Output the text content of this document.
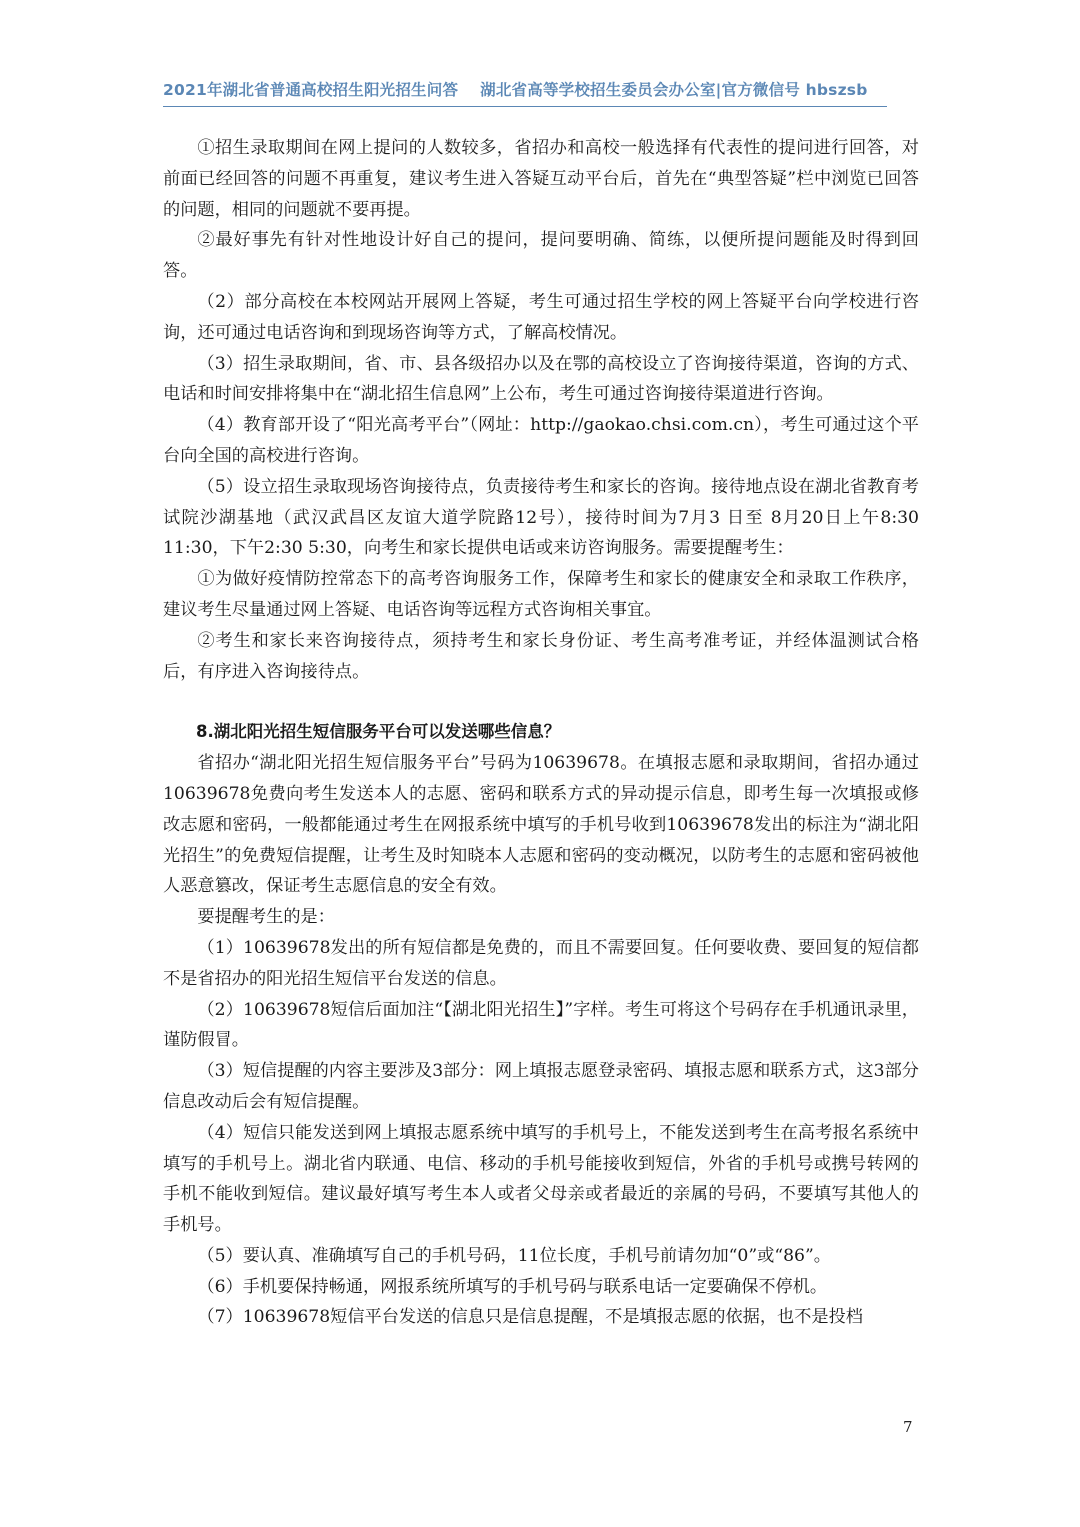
2021年湖北省普通高校招生阳光招生问答 湖北省高等学校招生委员会办公室|官方微信号 hbszsb

①招生录取期间在网上提问的人数较多，省招办和高校一般选择有代表性的提问进行回答，对前面已经回答的问题不再重复，建议考生进入答疑互动平台后，首先在“典型答疑”栏中浏览已回答的问题，相同的问题就不要再提。

②最好事先有针对性地设计好自己的提问，提问要明确、简练，以便所提问题能及时得到回答。

（2）部分高校在本校网站开展网上答疑，考生可通过招生学校的网上答疑平台向学校进行咨询，还可通过电话咨询和到现场咨询等方式，了解高校情况。

（3）招生录取期间，省、市、县各级招办以及在鄂的高校设立了咨询接待渠道，咨询的方式、电话和时间安排将集中在“湖北招生信息网”上公布，考生可通过咨询接待渠道进行咨询。

（4）教育部开设了“阳光高考平台”（网址：http://gaokao.chsi.com.cn），考生可通过这个平台向全国的高校进行咨询。

（5）设立招生录取现场咨询接待点，负责接待考生和家长的咨询。接待地点设在湖北省教育考试院沙湖基地（武汉武昌区友谊大道学院路12号），接待时间为7月3 日至 8月20日上午8:30 11:30，下午2:30 5:30，向考生和家长提供电话或来访咨询服务。需要提醒考生：

①为做好疫情防控常态下的高考咨询服务工作，保障考生和家长的健康安全和录取工作秩序，建议考生尽量通过网上答疑、电话咨询等远程方式咨询相关事宜。

②考生和家长来咨询接待点，须持考生和家长身份证、考生高考准考证，并经体温测试合格后，有序进入咨询接待点。

8.湖北阳光招生短信服务平台可以发送哪些信息？

省招办“湖北阳光招生短信服务平台”号码为10639678。在填报志愿和录取期间，省招办通过10639678免费向考生发送本人的志愿、密码和联系方式的异动提示信息，即考生每一次填报或修改志愿和密码，一般都能通过考生在网报系统中填写的手机号收到10639678发出的标注为“湖北阳光招生”的免费短信提醒，让考生及时知晓本人志愿和密码的变动概况，以防考生的志愿和密码被他人恶意篡改，保证考生志愿信息的安全有效。

要提醒考生的是：

（1）10639678发出的所有短信都是免费的，而且不需要回复。任何要收费、要回复的短信都不是省招办的阳光招生短信平台发送的信息。

（2）10639678短信后面加注“【湖北阳光招生】”字样。考生可将这个号码存在手机通讯录里，谨防假冒。

（3）短信提醒的内容主要涉及3部分：网上填报志愿登录密码、填报志愿和联系方式，这3部分信息改动后会有短信提醒。

（4）短信只能发送到网上填报志愿系统中填写的手机号上，不能发送到考生在高考报名系统中填写的手机号上。湖北省内联通、电信、移动的手机号能接收到短信，外省的手机号或携号转网的手机不能收到短信。建议最好填写考生本人或者父母亲或者最近的亲属的号码，不要填写其他人的手机号。

（5）要认真、准确填写自己的手机号码，11位长度，手机号前请勿加“0”或“86”。

（6）手机要保持畅通，网报系统所填写的手机号码与联系电话一定要确保不停机。

（7）10639678短信平台发送的信息只是信息提醒，不是填报志愿的依据，也不是投档

7
